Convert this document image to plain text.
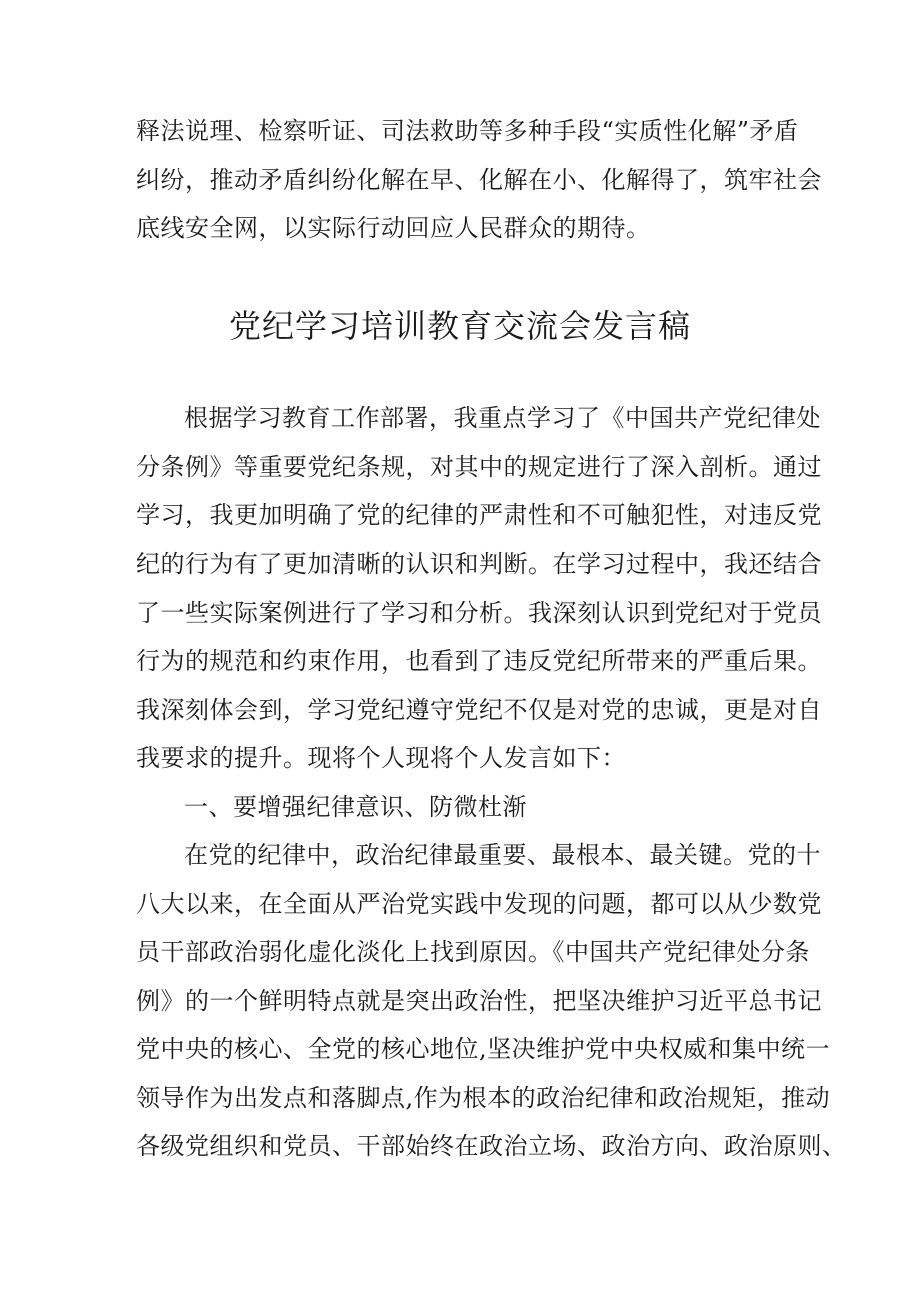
释法说理、检察听证、司法救助等多种手段“实质性化解”矛盾
纠纷，推动矛盾纠纷化解在早、化解在小、化解得了，筑牢社会
底线安全网，以实际行动回应人民群众的期待。
党纪学习培训教育交流会发言稿
根据学习教育工作部署，我重点学习了《中国共产党纪律处
分条例》等重要党纪条规，对其中的规定进行了深入剖析。通过
学习，我更加明确了党的纪律的严肃性和不可触犯性，对违反党
纪的行为有了更加清晰的认识和判断。在学习过程中，我还结合
了一些实际案例进行了学习和分析。我深刻认识到党纪对于党员
行为的规范和约束作用，也看到了违反党纪所带来的严重后果。
我深刻体会到，学习党纪遵守党纪不仅是对党的忠诚，更是对自
我要求的提升。现将个人现将个人发言如下：
一、要增强纪律意识、防微杜渐
在党的纪律中，政治纪律最重要、最根本、最关键。党的十
八大以来，在全面从严治党实践中发现的问题，都可以从少数党
员干部政治弱化虚化淡化上找到原因。《中国共产党纪律处分条
例》的一个鲜明特点就是突出政治性，把坚决维护习近平总书记
党中央的核心、全党的核心地位,坚决维护党中央权威和集中统一
领导作为出发点和落脚点,作为根本的政治纪律和政治规矩，推动
各级党组织和党员、干部始终在政治立场、政治方向、政治原则、
